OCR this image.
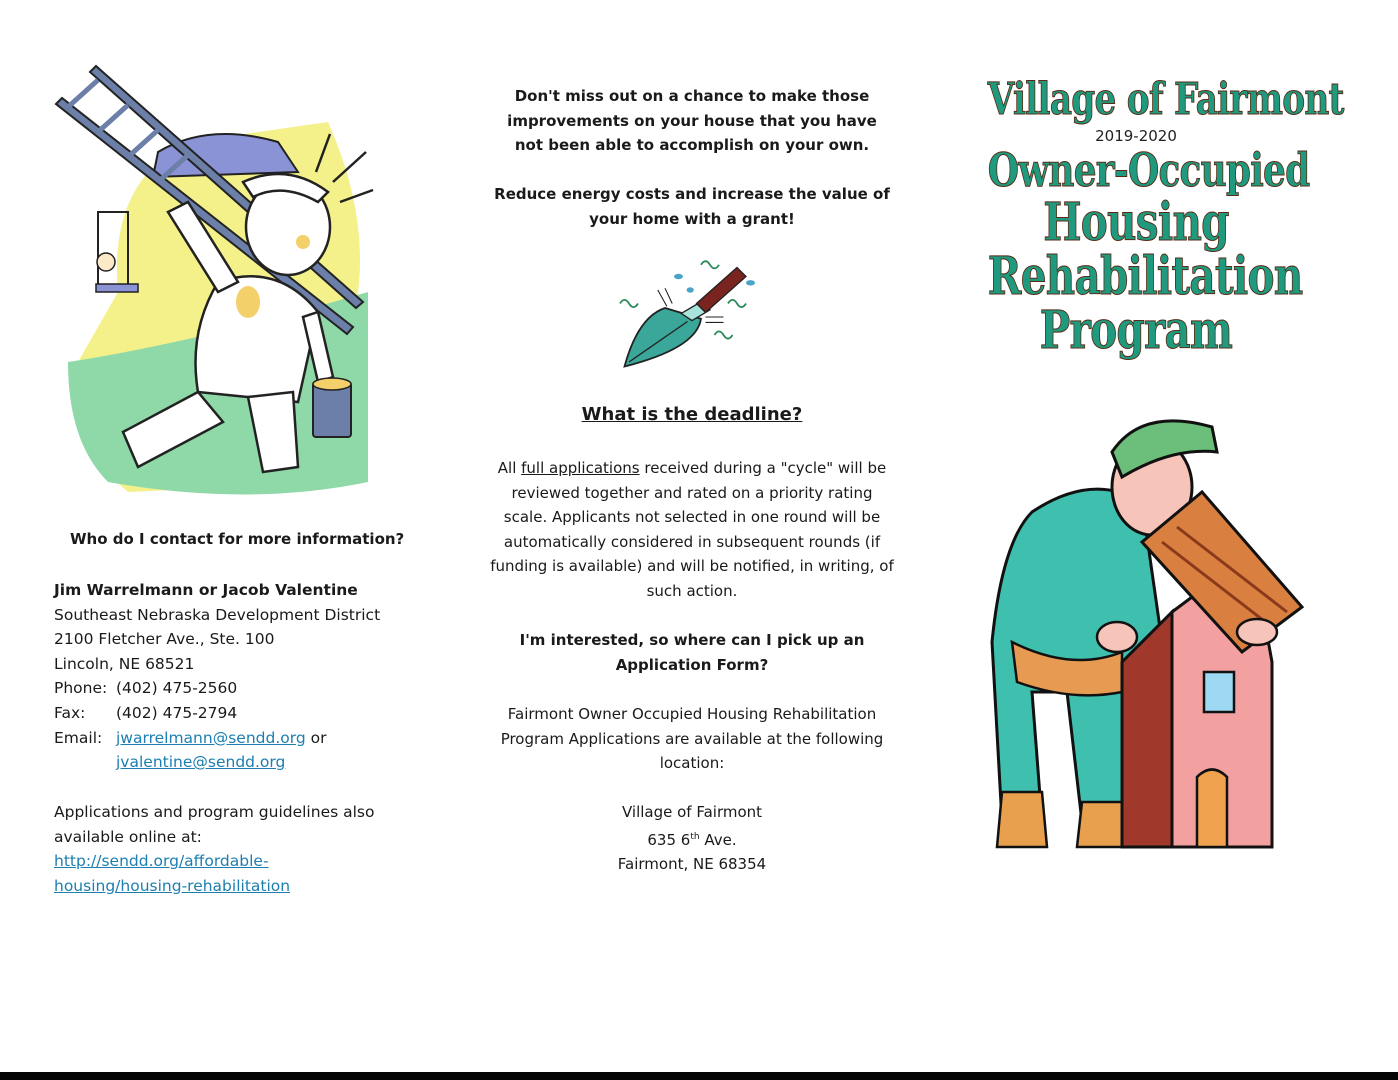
Who do I contact for more information?
Jim Warrelmann or Jacob Valentine
Southeast Nebraska Development District
2100 Fletcher Ave., Ste. 100
Lincoln, NE 68521
Phone: (402) 475-2560
Fax: (402) 475-2794
Email: jwarrelmann@sendd.org or
jvalentine@sendd.org
Applications and program guidelines also
available online at:
http://sendd.org/affordable-
housing/housing-rehabilitation
Don't miss out on a chance to make those improvements on your house that you have not been able to accomplish on your own.
Reduce energy costs and increase the value of your home with a grant!
What is the deadline?
All full applications received during a "cycle" will be reviewed together and rated on a priority rating scale. Applicants not selected in one round will be automatically considered in subsequent rounds (if funding is available) and will be notified, in writing, of such action.
I'm interested, so where can I pick up an Application Form?
Fairmont Owner Occupied Housing Rehabilitation Program Applications are available at the following location:
Village of Fairmont
635 6th Ave.
Fairmont, NE 68354
Village of Fairmont
2019-2020
Owner-Occupied
Housing
Rehabilitation
Program
